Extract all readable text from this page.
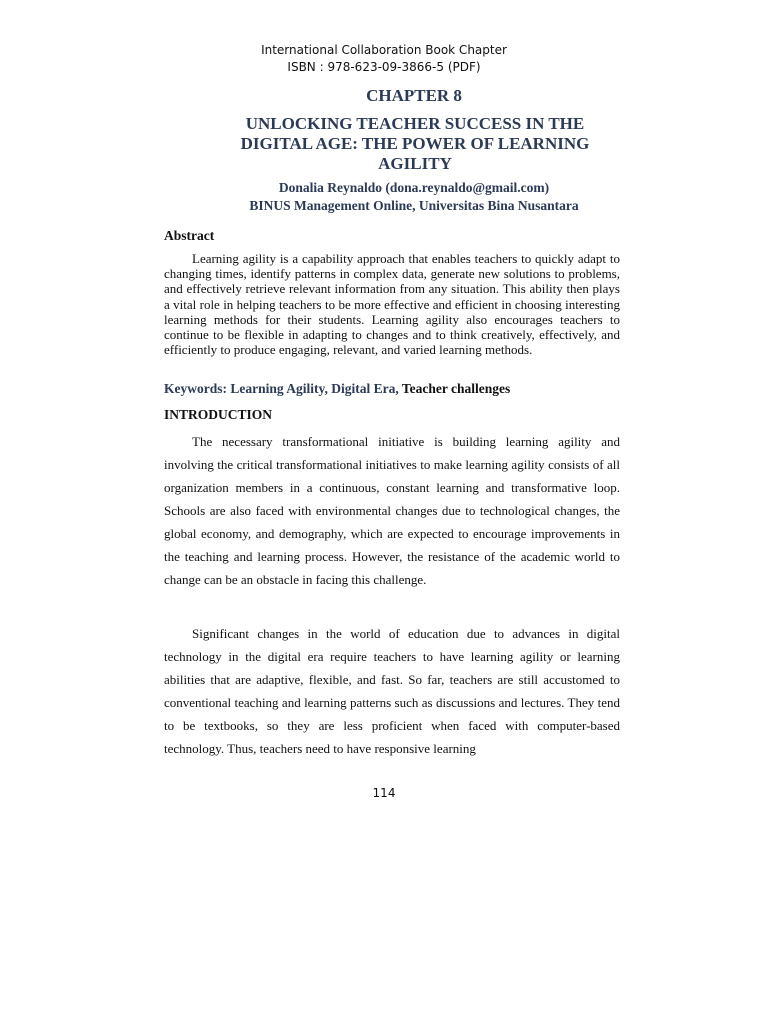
International Collaboration Book Chapter
ISBN : 978-623-09-3866-5 (PDF)
CHAPTER 8
UNLOCKING TEACHER SUCCESS IN THE DIGITAL AGE: THE POWER OF LEARNING AGILITY
Donalia Reynaldo (dona.reynaldo@gmail.com)
BINUS Management Online, Universitas Bina Nusantara
Abstract

Learning agility is a capability approach that enables teachers to quickly adapt to changing times, identify patterns in complex data, generate new solutions to problems, and effectively retrieve relevant information from any situation. This ability then plays a vital role in helping teachers to be more effective and efficient in choosing interesting learning methods for their students. Learning agility also encourages teachers to continue to be flexible in adapting to changes and to think creatively, effectively, and efficiently to produce engaging, relevant, and varied learning methods.

Keywords: Learning Agility, Digital Era, Teacher challenges
INTRODUCTION

The necessary transformational initiative is building learning agility and involving the critical transformational initiatives to make learning agility consists of all organization members in a continuous, constant learning and transformative loop. Schools are also faced with environmental changes due to technological changes, the global economy, and demography, which are expected to encourage improvements in the teaching and learning process. However, the resistance of the academic world to change can be an obstacle in facing this challenge.

Significant changes in the world of education due to advances in digital technology in the digital era require teachers to have learning agility or learning abilities that are adaptive, flexible, and fast. So far, teachers are still accustomed to conventional teaching and learning patterns such as discussions and lectures. They tend to be textbooks, so they are less proficient when faced with computer-based technology. Thus, teachers need to have responsive learning

114
